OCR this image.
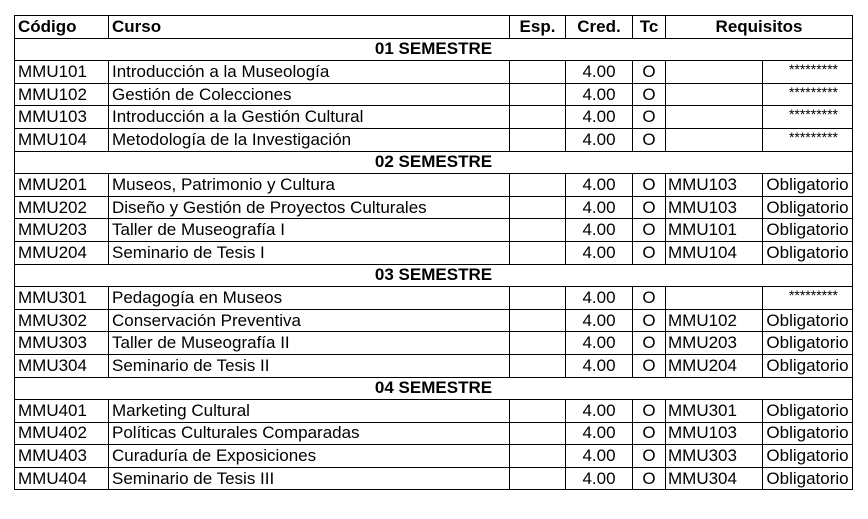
Código	Curso	Esp.	Cred.	Tc	Requisitos	
01 SEMESTRE						
MMU101	Introducción a la Museología		4.00	O		*********
MMU102	Gestión de Colecciones		4.00	O		*********
MMU103	Introducción a la Gestión Cultural		4.00	O		*********
MMU104	Metodología de la Investigación		4.00	O		*********
02 SEMESTRE						
MMU201	Museos, Patrimonio y Cultura		4.00	O	MMU103	Obligatorio
MMU202	Diseño y Gestión de Proyectos Culturales		4.00	O	MMU103	Obligatorio
MMU203	Taller de Museografía I		4.00	O	MMU101	Obligatorio
MMU204	Seminario de Tesis I		4.00	O	MMU104	Obligatorio
03 SEMESTRE						
MMU301	Pedagogía en Museos		4.00	O		*********
MMU302	Conservación Preventiva		4.00	O	MMU102	Obligatorio
MMU303	Taller de Museografía II		4.00	O	MMU203	Obligatorio
MMU304	Seminario de Tesis II		4.00	O	MMU204	Obligatorio
04 SEMESTRE						
MMU401	Marketing Cultural		4.00	O	MMU301	Obligatorio
MMU402	Políticas Culturales Comparadas		4.00	O	MMU103	Obligatorio
MMU403	Curaduría de Exposiciones		4.00	O	MMU303	Obligatorio
MMU404	Seminario de Tesis III		4.00	O	MMU304	Obligatorio
